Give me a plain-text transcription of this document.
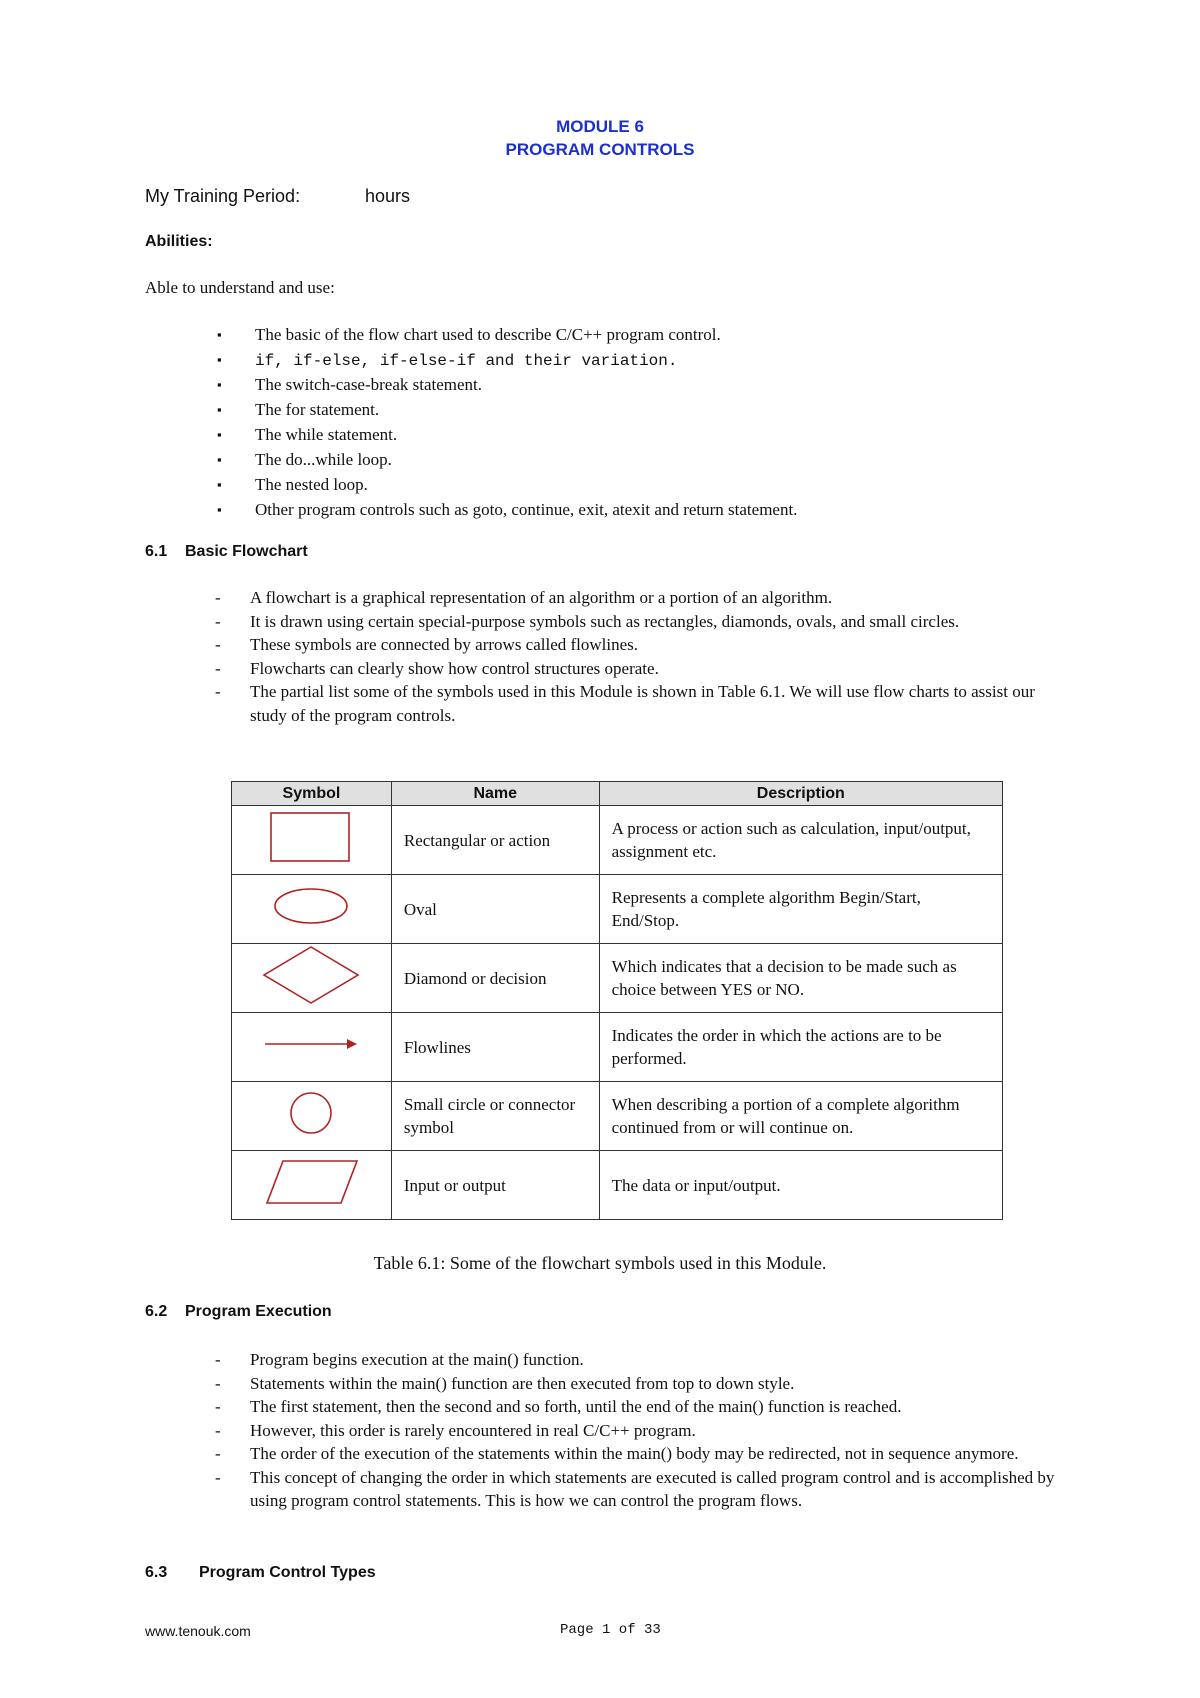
MODULE 6
PROGRAM CONTROLS
My Training Period:	hours
Abilities:
Able to understand and use:
▪ The basic of the flow chart used to describe C/C++ program control.
▪ if, if-else, if-else-if and their variation.
▪ The switch-case-break statement.
▪ The for statement.
▪ The while statement.
▪ The do...while loop.
▪ The nested loop.
▪ Other program controls such as goto, continue, exit, atexit and return statement.
6.1 Basic Flowchart
- A flowchart is a graphical representation of an algorithm or a portion of an algorithm.
- It is drawn using certain special-purpose symbols such as rectangles, diamonds, ovals, and small circles.
- These symbols are connected by arrows called flowlines.
- Flowcharts can clearly show how control structures operate.
- The partial list some of the symbols used in this Module is shown in Table 6.1. We will use flow charts to assist our study of the program controls.
Symbol	Name	Description
	Rectangular or action	A process or action such as calculation, input/output, assignment etc.
	Oval	Represents a complete algorithm Begin/Start, End/Stop.
	Diamond or decision	Which indicates that a decision to be made such as choice between YES or NO.
	Flowlines	Indicates the order in which the actions are to be performed.
	Small circle or connector symbol	When describing a portion of a complete algorithm continued from or will continue on.
	Input or output	The data or input/output.
Table 6.1: Some of the flowchart symbols used in this Module.
6.2 Program Execution
- Program begins execution at the main() function.
- Statements within the main() function are then executed from top to down style.
- The first statement, then the second and so forth, until the end of the main() function is reached.
- However, this order is rarely encountered in real C/C++ program.
- The order of the execution of the statements within the main() body may be redirected, not in sequence anymore.
- This concept of changing the order in which statements are executed is called program control and is accomplished by using program control statements. This is how we can control the program flows.
6.3 Program Control Types
www.tenouk.com	Page 1 of 33
